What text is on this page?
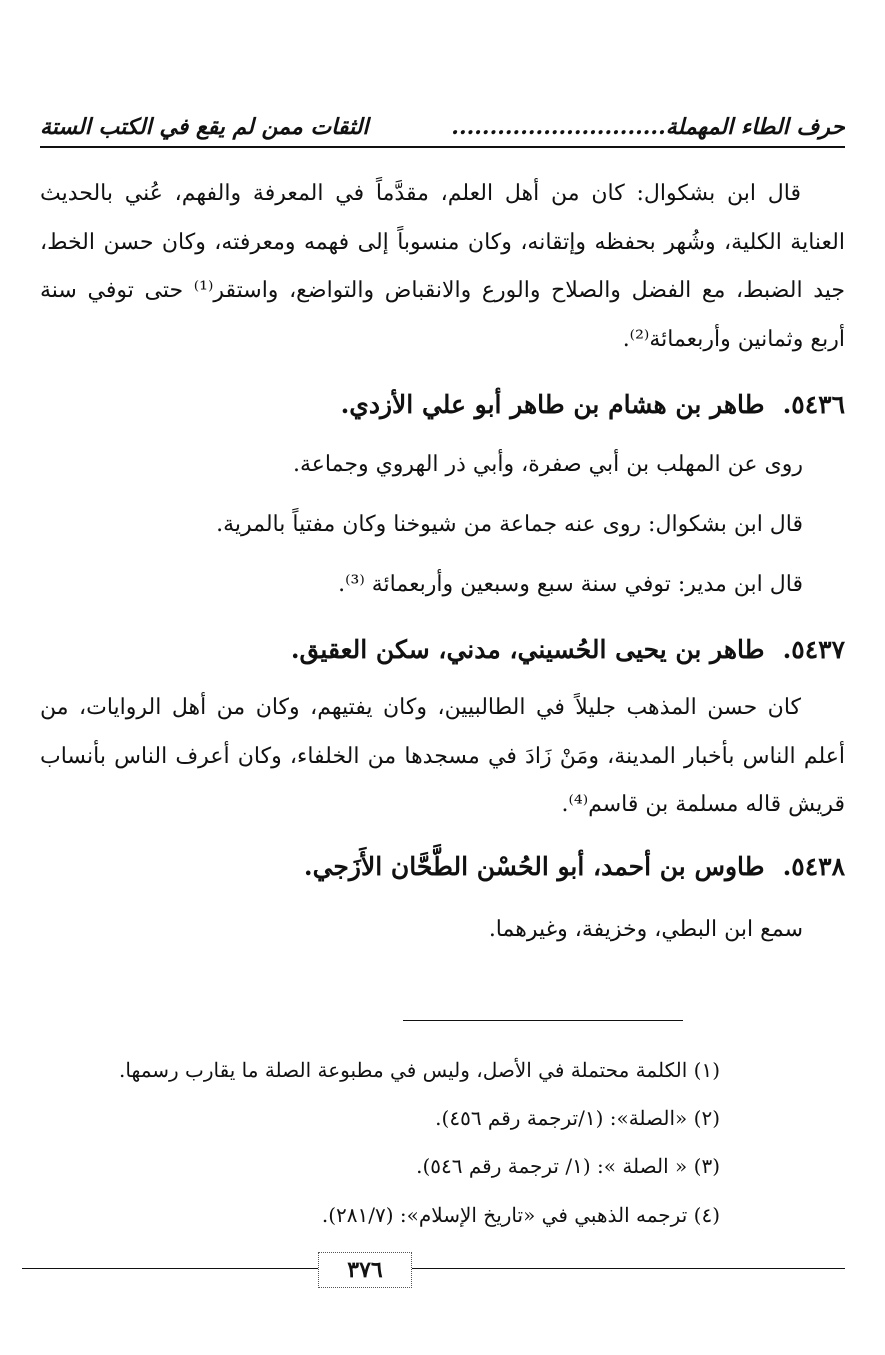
حرف الطاء المهملة............................
الثقات ممن لم يقع في الكتب الستة

قال ابن بشكوال: كان من أهل العلم، مقدَّماً في المعرفة والفهم، عُني بالحديث العناية الكلية، وشُهر بحفظه وإتقانه، وكان منسوباً إلى فهمه ومعرفته، وكان حسن الخط، جيد الضبط، مع الفضل والصلاح والورع والانقباض والتواضع، واستقر⁽¹⁾ حتى توفي سنة أربع وثمانين وأربعمائة⁽²⁾.

٥٤٣٦.طاهر بن هشام بن طاهر أبو علي الأزدي.

روى عن المهلب بن أبي صفرة، وأبي ذر الهروي وجماعة.

قال ابن بشكوال: روى عنه جماعة من شيوخنا وكان مفتياً بالمرية.

قال ابن مدير: توفي سنة سبع وسبعين وأربعمائة ⁽³⁾.

٥٤٣٧.طاهر بن يحيى الحُسيني، مدني، سكن العقيق.

كان حسن المذهب جليلاً في الطالبيين، وكان يفتيهم، وكان من أهل الروايات، من أعلم الناس بأخبار المدينة، ومَنْ زَادَ في مسجدها من الخلفاء، وكان أعرف الناس بأنساب قريش قاله مسلمة بن قاسم⁽⁴⁾.

٥٤٣٨.طاوس بن أحمد، أبو الحُسْن الطَّحَّان الأَزَجي.

سمع ابن البطي، وخزيفة، وغيرهما.

(١) الكلمة محتملة في الأصل، وليس في مطبوعة الصلة ما يقارب رسمها.

(٢) «الصلة»: (١/ترجمة رقم ٤٥٦).

(٣) « الصلة »: (١/ ترجمة رقم ٥٤٦).

(٤) ترجمه الذهبي في «تاريخ الإسلام»: (٢٨١/٧).

٣٧٦
